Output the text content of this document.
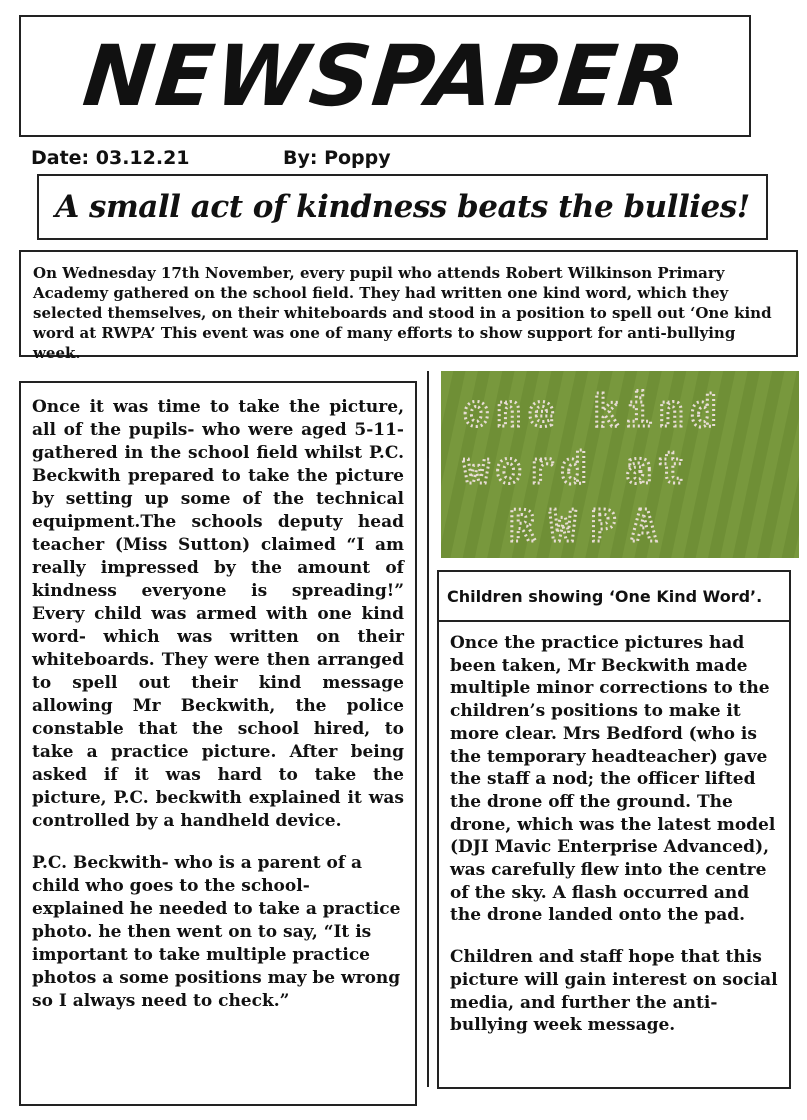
NEWSPAPER
Date: 03.12.21	By: Poppy
A small act of kindness beats the bullies!

On Wednesday 17th November, every pupil who attends Robert Wilkinson Primary Academy gathered on the school field. They had written one kind word, which they selected themselves, on their whiteboards and stood in a position to spell out ‘One kind word at RWPA’ This event was one of many efforts to show support for anti-bullying week.

Once it was time to take the picture, all of the pupils- who were aged 5-11- gathered in the school field whilst P.C. Beckwith prepared to take the picture by setting up some of the technical equipment.The schools deputy head teacher (Miss Sutton) claimed “I am really impressed by the amount of kindness everyone is spreading!” Every child was armed with one kind word- which was written on their whiteboards. They were then arranged to spell out their kind message allowing Mr Beckwith, the police constable that the school hired, to take a practice picture. After being asked if it was hard to take the picture, P.C. beckwith explained it was controlled by a handheld device.

P.C. Beckwith- who is a parent of a child who goes to the school- explained he needed to take a practice photo. he then went on to say, “It is important to take multiple practice photos a some positions may be wrong so I always need to check.”

one kind
word at
RWPA
Children showing ‘One Kind Word’.

Once the practice pictures had been taken, Mr Beckwith made multiple minor corrections to the children’s positions to make it more clear. Mrs Bedford (who is the temporary headteacher) gave the staff a nod; the officer lifted the drone off the ground. The drone, which was the latest model (DJI Mavic Enterprise Advanced), was carefully flew into the centre of the sky. A flash occurred and the drone landed onto the pad.

Children and staff hope that this picture will gain interest on social media, and further the anti-bullying week message.
